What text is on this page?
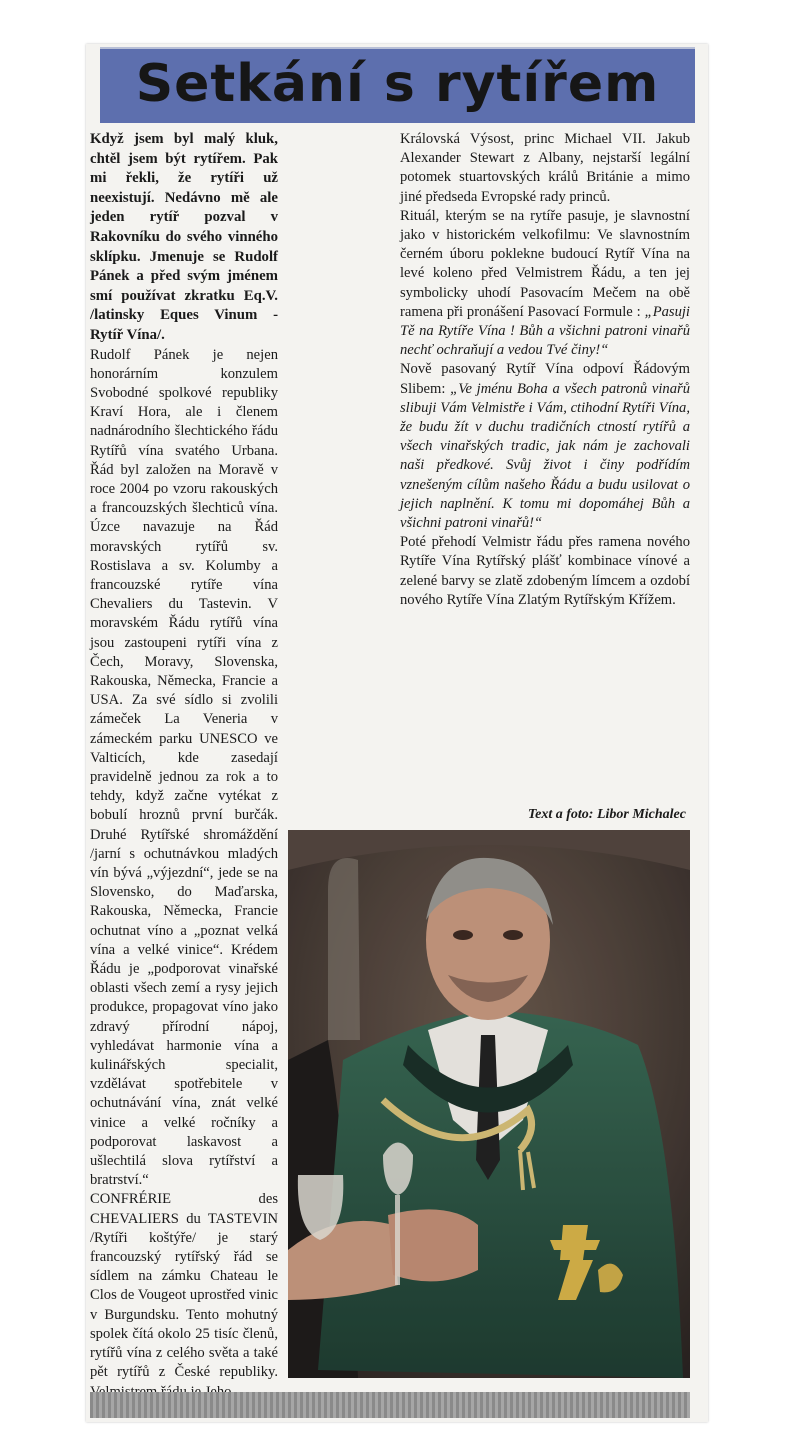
Setkání s rytířem

Když jsem byl malý kluk, chtěl jsem být rytířem. Pak mi řekli, že rytíři už neexistují. Nedávno mě ale jeden rytíř pozval v Rakovníku do svého vinného sklípku. Jmenuje se Rudolf Pánek a před svým jménem smí používat zkratku Eq.V. /latinsky Eques Vinum - Rytíř Vína/.

Rudolf Pánek je nejen honorárním konzulem Svobodné spolkové republiky Kraví Hora, ale i členem nadnárodního šlechtického řádu Rytířů vína svatého Urbana. Řád byl založen na Moravě v roce 2004 po vzoru rakouských a francouzských šlechticů vína. Úzce navazuje na Řád moravských rytířů sv. Rostislava a sv. Kolumby a francouzské rytíře vína Chevaliers du Tastevin. V moravském Řádu rytířů vína jsou zastoupeni rytíři vína z Čech, Moravy, Slovenska, Rakouska, Německa, Francie a USA. Za své sídlo si zvolili zámeček La Veneria v zámeckém parku UNESCO ve Valticích, kde zasedají pravidelně jednou za rok a to tehdy, když začne vytékat z bobulí hroznů první burčák. Druhé Rytířské shromáždění /jarní s ochutnávkou mladých vín bývá „výjezdní“, jede se na Slovensko, do Maďarska, Rakouska, Německa, Francie ochutnat víno a „poznat velká vína a velké vinice“. Krédem Řádu je „podporovat vinařské oblasti všech zemí a rysy jejich produkce, propagovat víno jako zdravý přírodní nápoj, vyhledávat harmonie vína a kulinářských specialit, vzdělávat spotřebitele v ochutnávání vína, znát velké vinice a velké ročníky a podporovat laskavost a ušlechtilá slova rytířství a bratrství.“

CONFRÉRIE des CHEVALIERS du TASTEVIN /Rytíři koštýře/ je starý francouzský rytířský řád se sídlem na zámku Chateau le Clos de Vougeot uprostřed vinic v Burgundsku. Tento mohutný spolek čítá okolo 25 tisíc členů, rytířů vína z celého světa a také pět rytířů z České republiky.

Královská Výsost, princ Michael VII. Jakub Alexander Stewart z Albany, nejstarší legální potomek stuartovských králů Británie a mimo jiné předseda Evropské rady princů.

Rituál, kterým se na rytíře pasuje, je slavnostní jako v historickém velkofilmu: Ve slavnostním černém úboru poklekne budoucí Rytíř Vína na levé koleno před Velmistrem Řádu, a ten jej symbolicky uhodí Pasovacím Mečem na obě ramena při pronášení Pasovací Formule : „Pasuji Tě na Rytíře Vína ! Bůh a všichni patroni vinařů nechť ochraňují a vedou Tvé činy!“

Nově pasovaný Rytíř Vína odpoví Řádovým Slibem: „Ve jménu Boha a všech patronů vinařů slibuji Vám Velmistře i Vám, ctihodní Rytíři Vína, že budu žít v duchu tradičních ctností rytířů a všech vinařských tradic, jak nám je zachovali naši předkové. Svůj život i činy podřídím vznešeným cílům našeho Řádu a budu usilovat o jejich naplnění. K tomu mi dopomáhej Bůh a všichni patroni vinařů!“

Poté přehodí Velmistr řádu přes ramena nového Rytíře Vína Rytířský plášť kombinace vínové a zelené barvy se zlatě zdobeným límcem a ozdobí nového Rytíře Vína Zlatým Rytířským Křížem.

Text a foto: Libor Michalec
